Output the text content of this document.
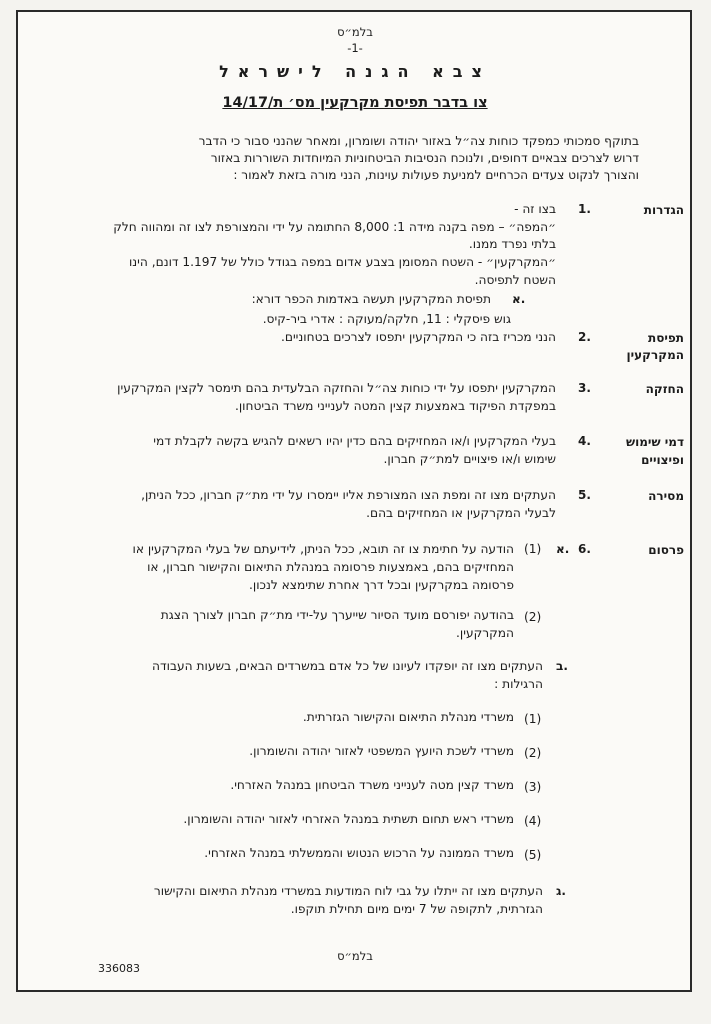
בלמ״ס
-1-
צבא הגנה לישראל
צו בדבר תפיסת מקרקעין מס׳ ת/14/17
בתוקף סמכותי כמפקד כוחות צה״ל באזור יהודה ושומרון, ומאחר שהנני סבור כי הדבר
דרוש לצרכים צבאיים דחופים, ולנוכח הנסיבות הביטחוניות המיוחדות השוררות באזור
והצורך לנקוט צעדים הכרחיים למניעת פעולות עוינות, הנני מורה בזאת לאמור :
הגדרות
1.
בצו זה -
״המפה״ – מפה בקנה מידה 1: 8,000 החתומה על ידי והמצורפת לצו זה ומהווה חלק
בלתי נפרד ממנו.
״המקרקעין״ - השטח המסומן בצבע אדום במפה בגודל כולל של 1.197 דונם, הינו
השטח לתפיסה.
א.
תפיסת המקרקעין תעשה באדמות הכפר דורא:
גוש פיסקלי : 11, חלקה/מעוקה : אדרי ביר-קיס.
תפיסת
המקרקעין
2.
הנני מכריז בזה כי המקרקעין יתפסו לצרכים בטחוניים.
החזקה
3.
המקרקעין יתפסו על ידי כוחות צה״ל והחזקה הבלעדית בהם תימסר לקצין המקרקעין
במפקדת הפיקוד באמצעות קצין המטה לענייני משרד הביטחון.
דמי שימוש
ופיצויים
4.
בעלי המקרקעין ו/או המחזיקים בהם כדין יהיו רשאים להגיש בקשה לקבלת דמי
שימוש ו/או פיצויים למת״ק חברון.
מסירה
5.
העתקים מצו זה ומפת הצו המצורפת אליו יימסרו על ידי מת״ק חברון, ככל הניתן,
לבעלי המקרקעין או המחזיקים בהם.
פרסום
6.
א.
(1)
הודעה על חתימת צו זה תובא, ככל הניתן, לידיעתם של בעלי המקרקעין או
המחזיקים בהם, באמצעות פרסומה במנהלת התיאום והקישור חברון, או
פרסומה במקרקעין ובכל דרך אחרת שתימצא לנכון.
(2)
בהודעה יפורסם מועד הסיור שייערך על-ידי מת״ק חברון לצורך הצגת
המקרקעין.
ב.
העתקים מצו זה יופקדו לעיונו של כל אדם במשרדים הבאים, בשעות העבודה
הרגילות :
(1)
משרדי מנהלת התיאום והקישור הגזרתית.
(2)
משרדי לשכת היועץ המשפטי לאזור יהודה והשומרון.
(3)
משרד קצין מטה לענייני משרד הביטחון במנהל האזרחי.
(4)
משרדי ראש תחום תשתית במנהל האזרחי לאזור יהודה והשומרון.
(5)
משרד הממונה על הרכוש הנטוש והממשלתי במנהל האזרחי.
ג.
העתקים מצו זה ייתלו על גבי לוח המודעות במשרדי מנהלת התיאום והקישור
הגזרתית, לתקופה של 7 ימים מיום תחילת תוקפו.
בלמ״ס
336083
